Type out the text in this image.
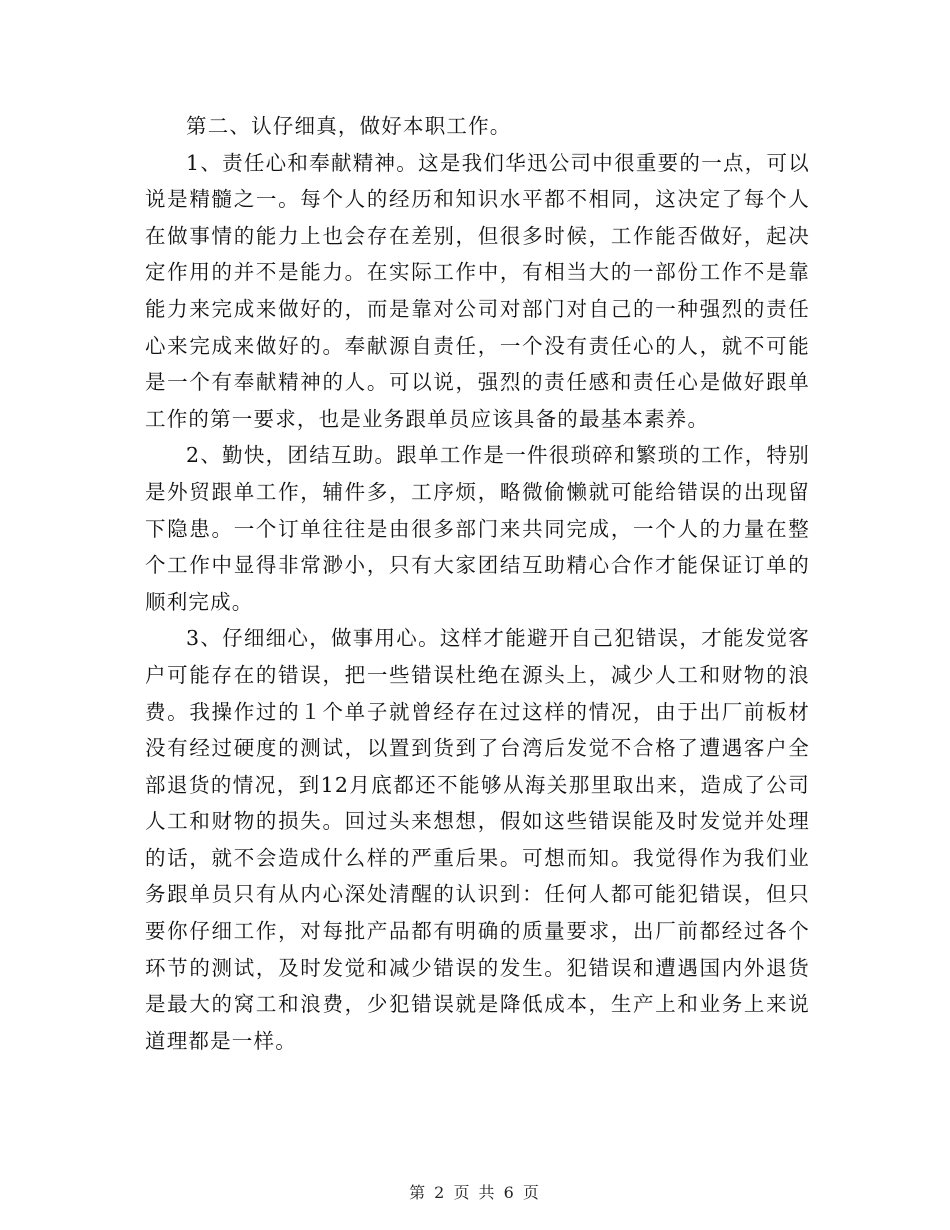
第二、认仔细真，做好本职工作。

1、责任心和奉献精神。这是我们华迅公司中很重要的一点，可以说是精髓之一。每个人的经历和知识水平都不相同，这决定了每个人在做事情的能力上也会存在差别，但很多时候，工作能否做好，起决定作用的并不是能力。在实际工作中，有相当大的一部份工作不是靠能力来完成来做好的，而是靠对公司对部门对自己的一种强烈的责任心来完成来做好的。奉献源自责任，一个没有责任心的人，就不可能是一个有奉献精神的人。可以说，强烈的责任感和责任心是做好跟单工作的第一要求，也是业务跟单员应该具备的最基本素养。

2、勤快，团结互助。跟单工作是一件很琐碎和繁琐的工作，特别是外贸跟单工作，辅件多，工序烦，略微偷懒就可能给错误的出现留下隐患。一个订单往往是由很多部门来共同完成，一个人的力量在整个工作中显得非常渺小，只有大家团结互助精心合作才能保证订单的顺利完成。

3、仔细细心，做事用心。这样才能避开自己犯错误，才能发觉客户可能存在的错误，把一些错误杜绝在源头上，减少人工和财物的浪费。我操作过的１个单子就曾经存在过这样的情况，由于出厂前板材没有经过硬度的测试，以置到货到了台湾后发觉不合格了遭遇客户全部退货的情况，到12月底都还不能够从海关那里取出来，造成了公司人工和财物的损失。回过头来想想，假如这些错误能及时发觉并处理的话，就不会造成什么样的严重后果。可想而知。我觉得作为我们业务跟单员只有从内心深处清醒的认识到：任何人都可能犯错误，但只要你仔细工作，对每批产品都有明确的质量要求，出厂前都经过各个环节的测试，及时发觉和减少错误的发生。犯错误和遭遇国内外退货是最大的窝工和浪费，少犯错误就是降低成本，生产上和业务上来说道理都是一样。

第 2 页 共 6 页
